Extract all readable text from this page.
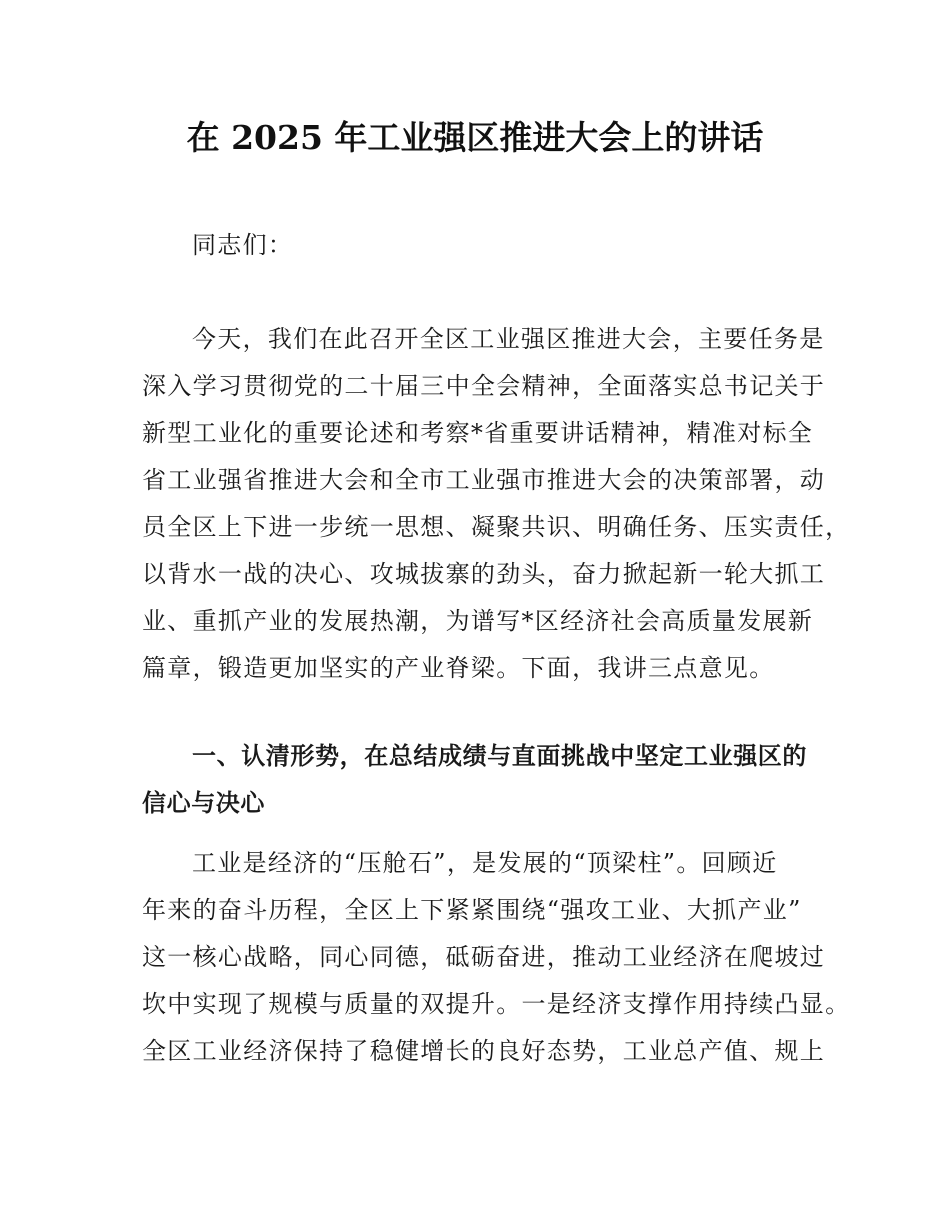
在 2025 年工业强区推进大会上的讲话

同志们：

今天，我们在此召开全区工业强区推进大会，主要任务是
深入学习贯彻党的二十届三中全会精神，全面落实总书记关于
新型工业化的重要论述和考察*省重要讲话精神，精准对标全
省工业强省推进大会和全市工业强市推进大会的决策部署，动
员全区上下进一步统一思想、凝聚共识、明确任务、压实责任，
以背水一战的决心、攻城拔寨的劲头，奋力掀起新一轮大抓工
业、重抓产业的发展热潮，为谱写*区经济社会高质量发展新
篇章，锻造更加坚实的产业脊梁。下面，我讲三点意见。
一、认清形势，在总结成绩与直面挑战中坚定工业强区的
信心与决心
工业是经济的“压舱石”，是发展的“顶梁柱”。回顾近
年来的奋斗历程，全区上下紧紧围绕“强攻工业、大抓产业”
这一核心战略，同心同德，砥砺奋进，推动工业经济在爬坡过
坎中实现了规模与质量的双提升。一是经济支撑作用持续凸显。
全区工业经济保持了稳健增长的良好态势，工业总产值、规上
